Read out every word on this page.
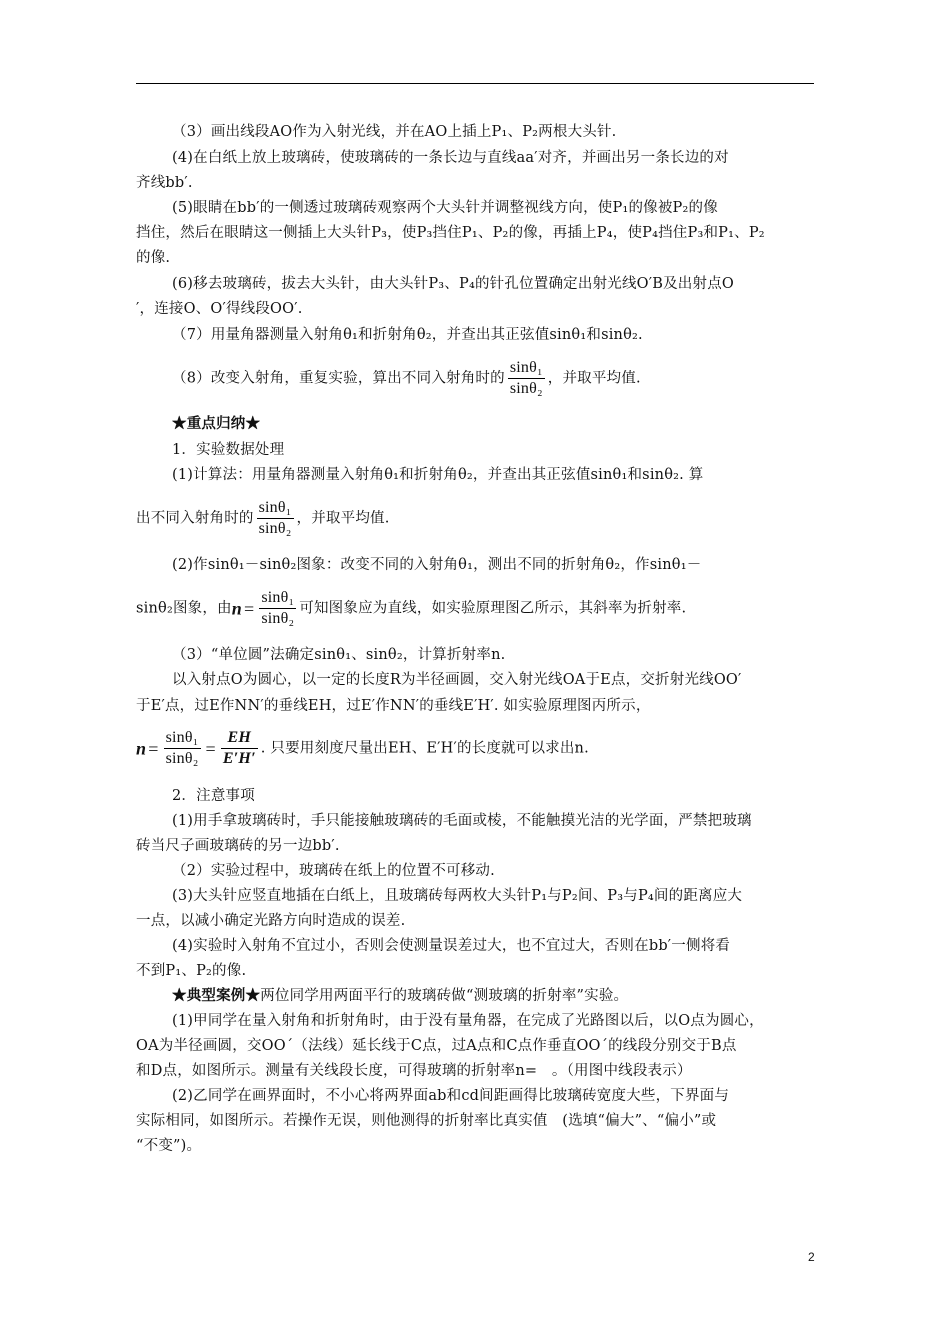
（3）画出线段AO作为入射光线，并在AO上插上P₁、P₂两根大头针.
(4)在白纸上放上玻璃砖，使玻璃砖的一条长边与直线aa′对齐，并画出另一条长边的对
齐线bb′.
(5)眼睛在bb′的一侧透过玻璃砖观察两个大头针并调整视线方向，使P₁的像被P₂的像
挡住，然后在眼睛这一侧插上大头针P₃，使P₃挡住P₁、P₂的像，再插上P₄，使P₄挡住P₃和P₁、P₂
的像.
(6)移去玻璃砖，拔去大头针，由大头针P₃、P₄的针孔位置确定出射光线O′B及出射点O
′，连接O、O′得线段OO′.
（7）用量角器测量入射角θ₁和折射角θ₂，并查出其正弦值sinθ₁和sinθ₂.
（8）改变入射角，重复实验，算出不同入射角时的 $\frac{\text{sinθ₁}}{\text{sinθ₂}}$ ，并取平均值.
★重点归纳★
1．实验数据处理
(1)计算法：用量角器测量入射角θ₁和折射角θ₂，并查出其正弦值sinθ₁和sinθ₂. 算
出不同入射角时的 $\frac{\text{sinθ₁}}{\text{sinθ₂}}$ ，并取平均值.
(2)作sinθ₁－sinθ₂图象：改变不同的入射角θ₁，测出不同的折射角θ₂，作sinθ₁－
sinθ₂图象，由$n = \frac{\text{sinθ₁}}{\text{sinθ₂}}$ 可知图象应为直线，如实验原理图乙所示，其斜率为折射率.
（3）“单位圆”法确定sinθ₁、sinθ₂，计算折射率n.
以入射点O为圆心，以一定的长度R为半径画圆，交入射光线OA于E点，交折射光线OO′
于E′点，过E作NN′的垂线EH，过E′作NN′的垂线E′H′. 如实验原理图丙所示，
$n = \frac{\text{sinθ₁}}{\text{sinθ₂}} = \frac{EH}{E'H'}$ . 只要用刻度尺量出EH、E′H′的长度就可以求出n.
2．注意事项
(1)用手拿玻璃砖时，手只能接触玻璃砖的毛面或棱，不能触摸光洁的光学面，严禁把玻璃
砖当尺子画玻璃砖的另一边bb′.
（2）实验过程中，玻璃砖在纸上的位置不可移动.
(3)大头针应竖直地插在白纸上，且玻璃砖每两枚大头针P₁与P₂间、P₃与P₄间的距离应大
一点，以减小确定光路方向时造成的误差.
(4)实验时入射角不宜过小，否则会使测量误差过大，也不宜过大，否则在bb′一侧将看
不到P₁、P₂的像.
★典型案例★两位同学用两面平行的玻璃砖做“测玻璃的折射率”实验。
(1)甲同学在量入射角和折射角时，由于没有量角器，在完成了光路图以后，以O点为圆心，
OA为半径画圆，交OO´（法线）延长线于C点，过A点和C点作垂直OO´的线段分别交于B点
和D点，如图所示。测量有关线段长度，可得玻璃的折射率n=　。（用图中线段表示）
(2)乙同学在画界面时，不小心将两界面ab和cd间距画得比玻璃砖宽度大些，下界面与
实际相同，如图所示。若操作无误，则他测得的折射率比真实值　(选填“偏大”、“偏小”或
“不变”)。
2
